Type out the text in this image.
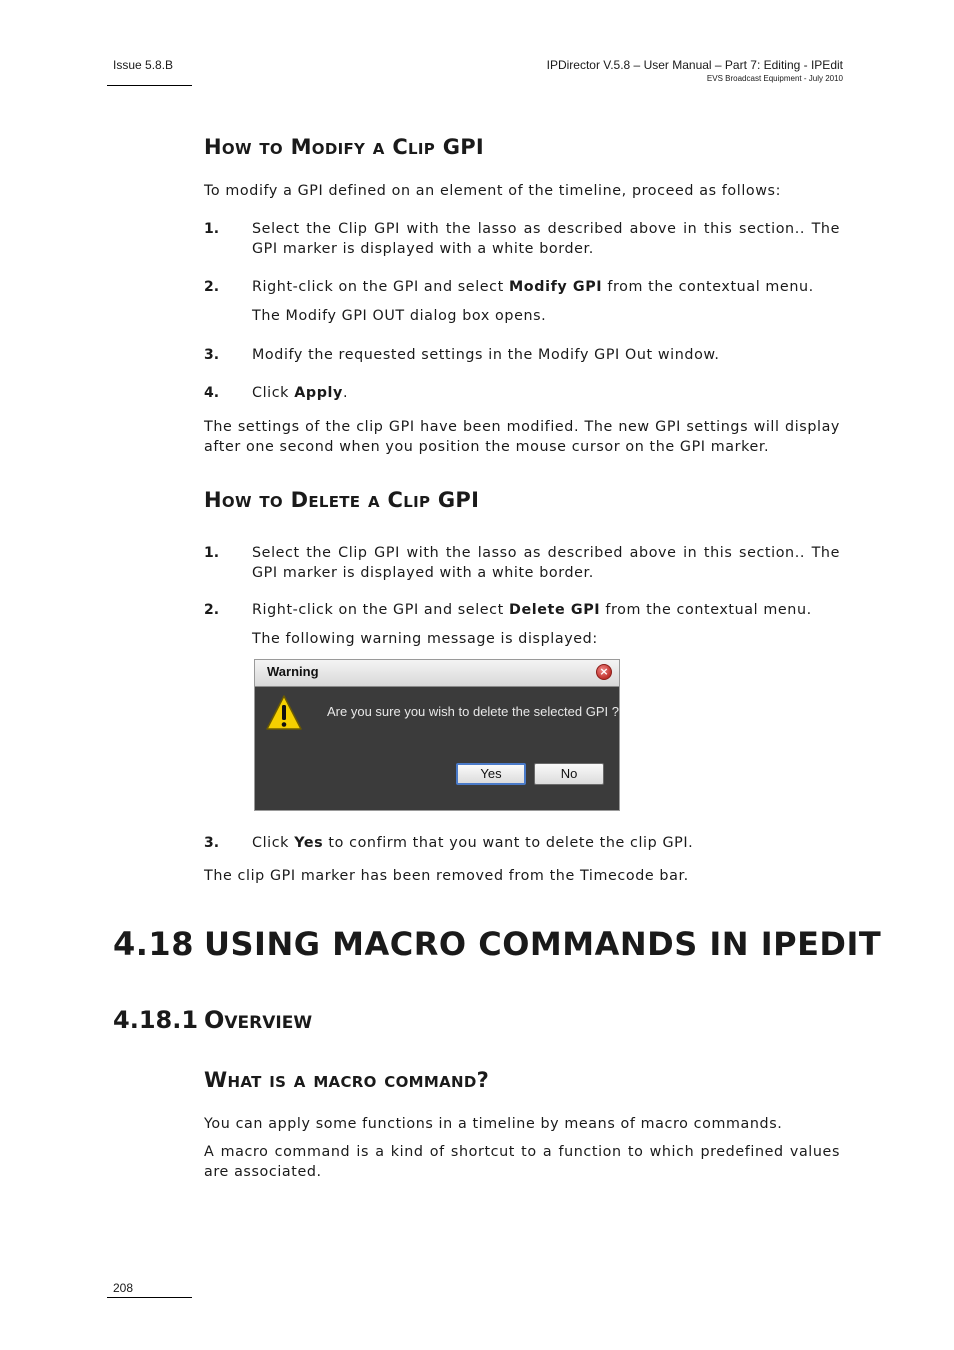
Issue 5.8.B	IPDirector V.5.8 – User Manual – Part 7: Editing - IPEdit
EVS Broadcast Equipment - July 2010
How to Modify a Clip GPI
To modify a GPI defined on an element of the timeline, proceed as follows:
1. Select the Clip GPI with the lasso as described above in this section.. The GPI marker is displayed with a white border.
2. Right-click on the GPI and select Modify GPI from the contextual menu.
The Modify GPI OUT dialog box opens.
3. Modify the requested settings in the Modify GPI Out window.
4. Click Apply.
The settings of the clip GPI have been modified. The new GPI settings will display after one second when you position the mouse cursor on the GPI marker.
How to Delete a Clip GPI
1. Select the Clip GPI with the lasso as described above in this section.. The GPI marker is displayed with a white border.
2. Right-click on the GPI and select Delete GPI from the contextual menu.
The following warning message is displayed:
Warning	×
Are you sure you wish to delete the selected GPI ?
Yes	No
3. Click Yes to confirm that you want to delete the clip GPI.
The clip GPI marker has been removed from the Timecode bar.
4.18 USING MACRO COMMANDS IN IPEDIT
4.18.1 Overview
What is a macro command?
You can apply some functions in a timeline by means of macro commands.
A macro command is a kind of shortcut to a function to which predefined values are associated.
208
